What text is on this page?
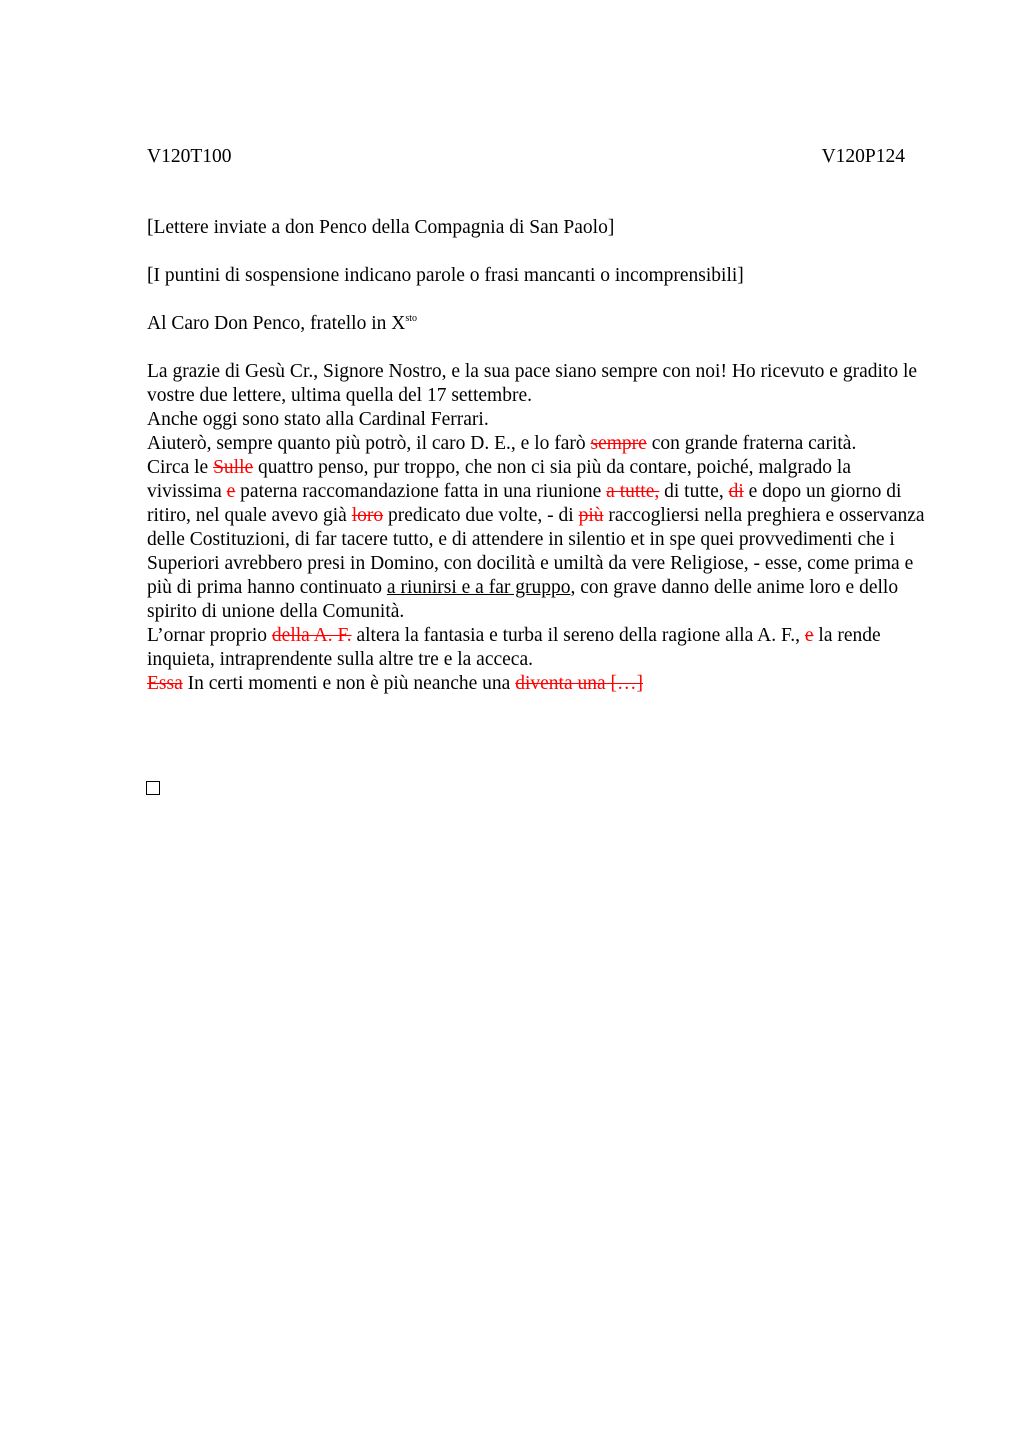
V120T100	V120P124
[Lettere inviate a don Penco della Compagnia di San Paolo]
[I puntini di sospensione indicano parole o frasi mancanti o incomprensibili]
Al Caro Don Penco, fratello in $X^{sto}$

La grazie di Gesù Cr., Signore Nostro, e la sua pace siano sempre con noi! Ho ricevuto e gradito le vostre due lettere, ultima quella del 17 settembre.

Anche oggi sono stato alla Cardinal Ferrari.

Aiuterò, sempre quanto più potrò, il caro D. E., e lo farò sempre con grande fraterna carità.

Circa le Sulle quattro penso, pur troppo, che non ci sia più da contare, poiché, malgrado la vivissima e paterna raccomandazione fatta in una riunione a tutte, di tutte, di e dopo un giorno di ritiro, nel quale avevo già loro predicato due volte, - di più raccogliersi nella preghiera e osservanza delle Costituzioni, di far tacere tutto, e di attendere in silentio et in spe quei provvedimenti che i Superiori avrebbero presi in Domino, con docilità e umiltà da vere Religiose, - esse, come prima e più di prima hanno continuato a riunirsi e a far gruppo, con grave danno delle anime loro e dello spirito di unione della Comunità.

L’ornar proprio della A. F. altera la fantasia e turba il sereno della ragione alla A. F., e la rende inquieta, intraprendente sulla altre tre e la acceca.

Essa In certi momenti e non è più neanche una diventa una […]
